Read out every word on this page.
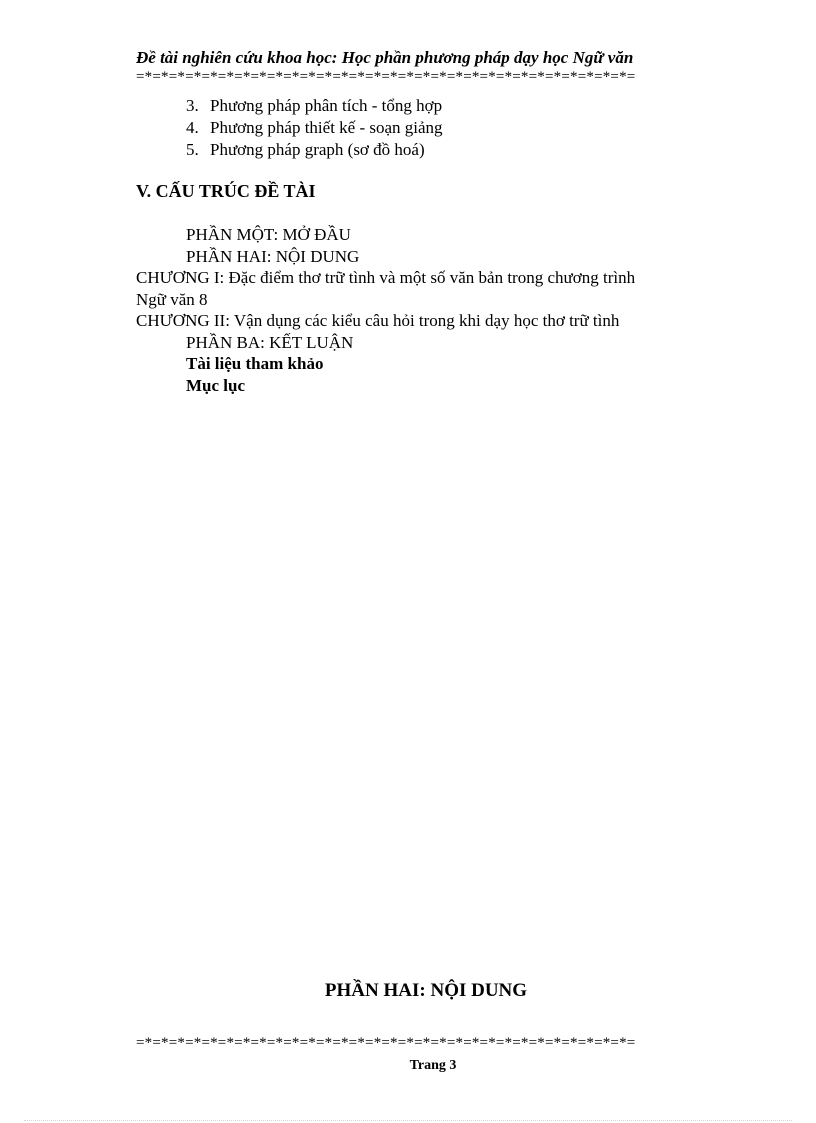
Đề tài nghiên cứu khoa học: Học phần phương pháp dạy học Ngữ văn
=*=*=*=*=*=*=*=*=*=*=*=*=*=*=*=*=*=*=*=*=*=*=*=*=*=*=*=*=*=*=
3. Phương pháp phân tích - tổng hợp
4. Phương pháp thiết kế - soạn giảng
5. Phương pháp graph (sơ đồ hoá)
V. CẤU TRÚC ĐỀ TÀI
PHẦN MỘT: MỞ ĐẦU
PHẦN HAI: NỘI DUNG
CHƯƠNG I: Đặc điểm thơ trữ tình và một số văn bản trong chương trình
Ngữ văn 8
CHƯƠNG II: Vận dụng các kiểu câu hỏi trong khi dạy học thơ trữ tình
PHẦN BA: KẾT LUẬN
Tài liệu tham khảo
Mục lục
PHẦN HAI: NỘI DUNG
=*=*=*=*=*=*=*=*=*=*=*=*=*=*=*=*=*=*=*=*=*=*=*=*=*=*=*=*=*=*=
Trang 3
